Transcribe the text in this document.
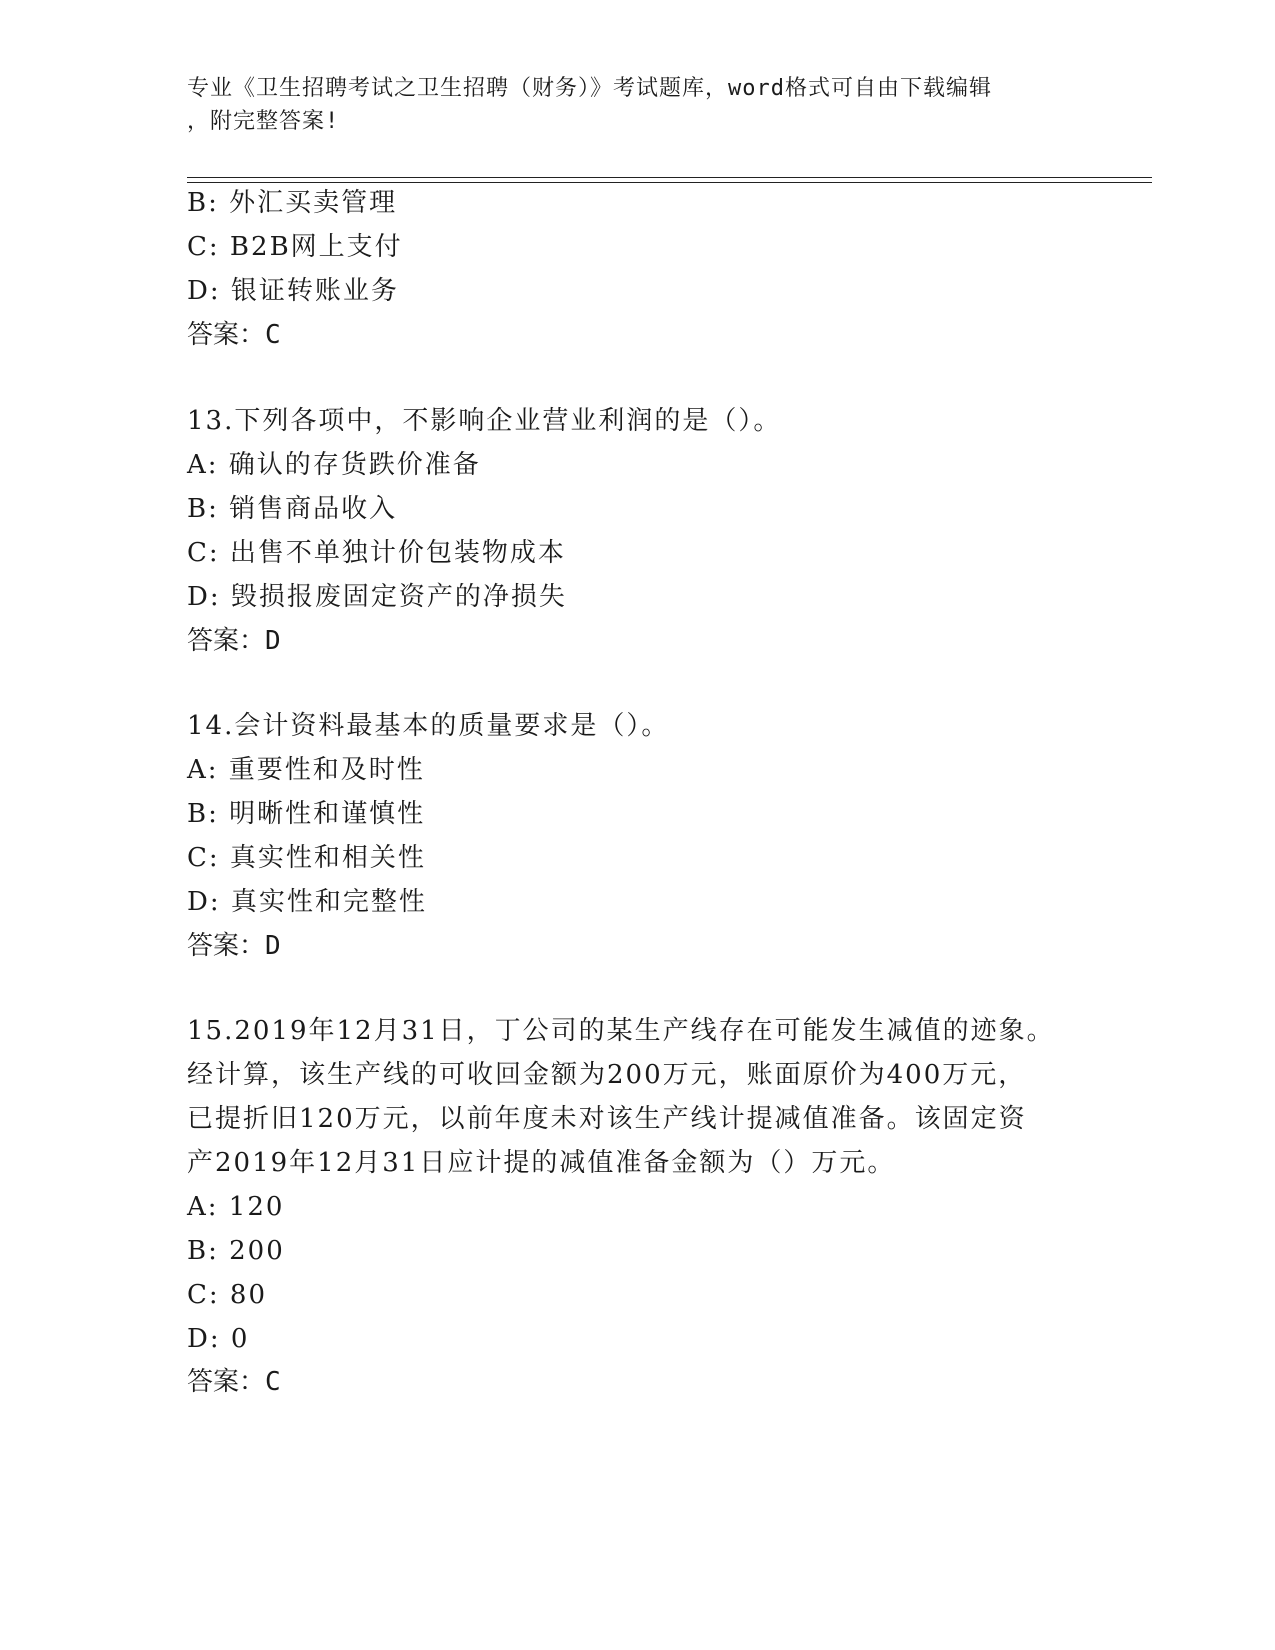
专业《卫生招聘考试之卫生招聘（财务）》考试题库，word格式可自由下载编辑
，附完整答案!
B: 外汇买卖管理
C: B2B网上支付
D: 银证转账业务
答案：C
13.下列各项中，不影响企业营业利润的是（）。
A: 确认的存货跌价准备
B: 销售商品收入
C: 出售不单独计价包装物成本
D: 毁损报废固定资产的净损失
答案：D
14.会计资料最基本的质量要求是（）。
A: 重要性和及时性
B: 明晰性和谨慎性
C: 真实性和相关性
D: 真实性和完整性
答案：D
15.2019年12月31日，丁公司的某生产线存在可能发生减值的迹象。
经计算，该生产线的可收回金额为200万元，账面原价为400万元，
已提折旧120万元，以前年度未对该生产线计提减值准备。该固定资
产2019年12月31日应计提的减值准备金额为（）万元。
A: 120
B: 200
C: 80
D: 0
答案：C
